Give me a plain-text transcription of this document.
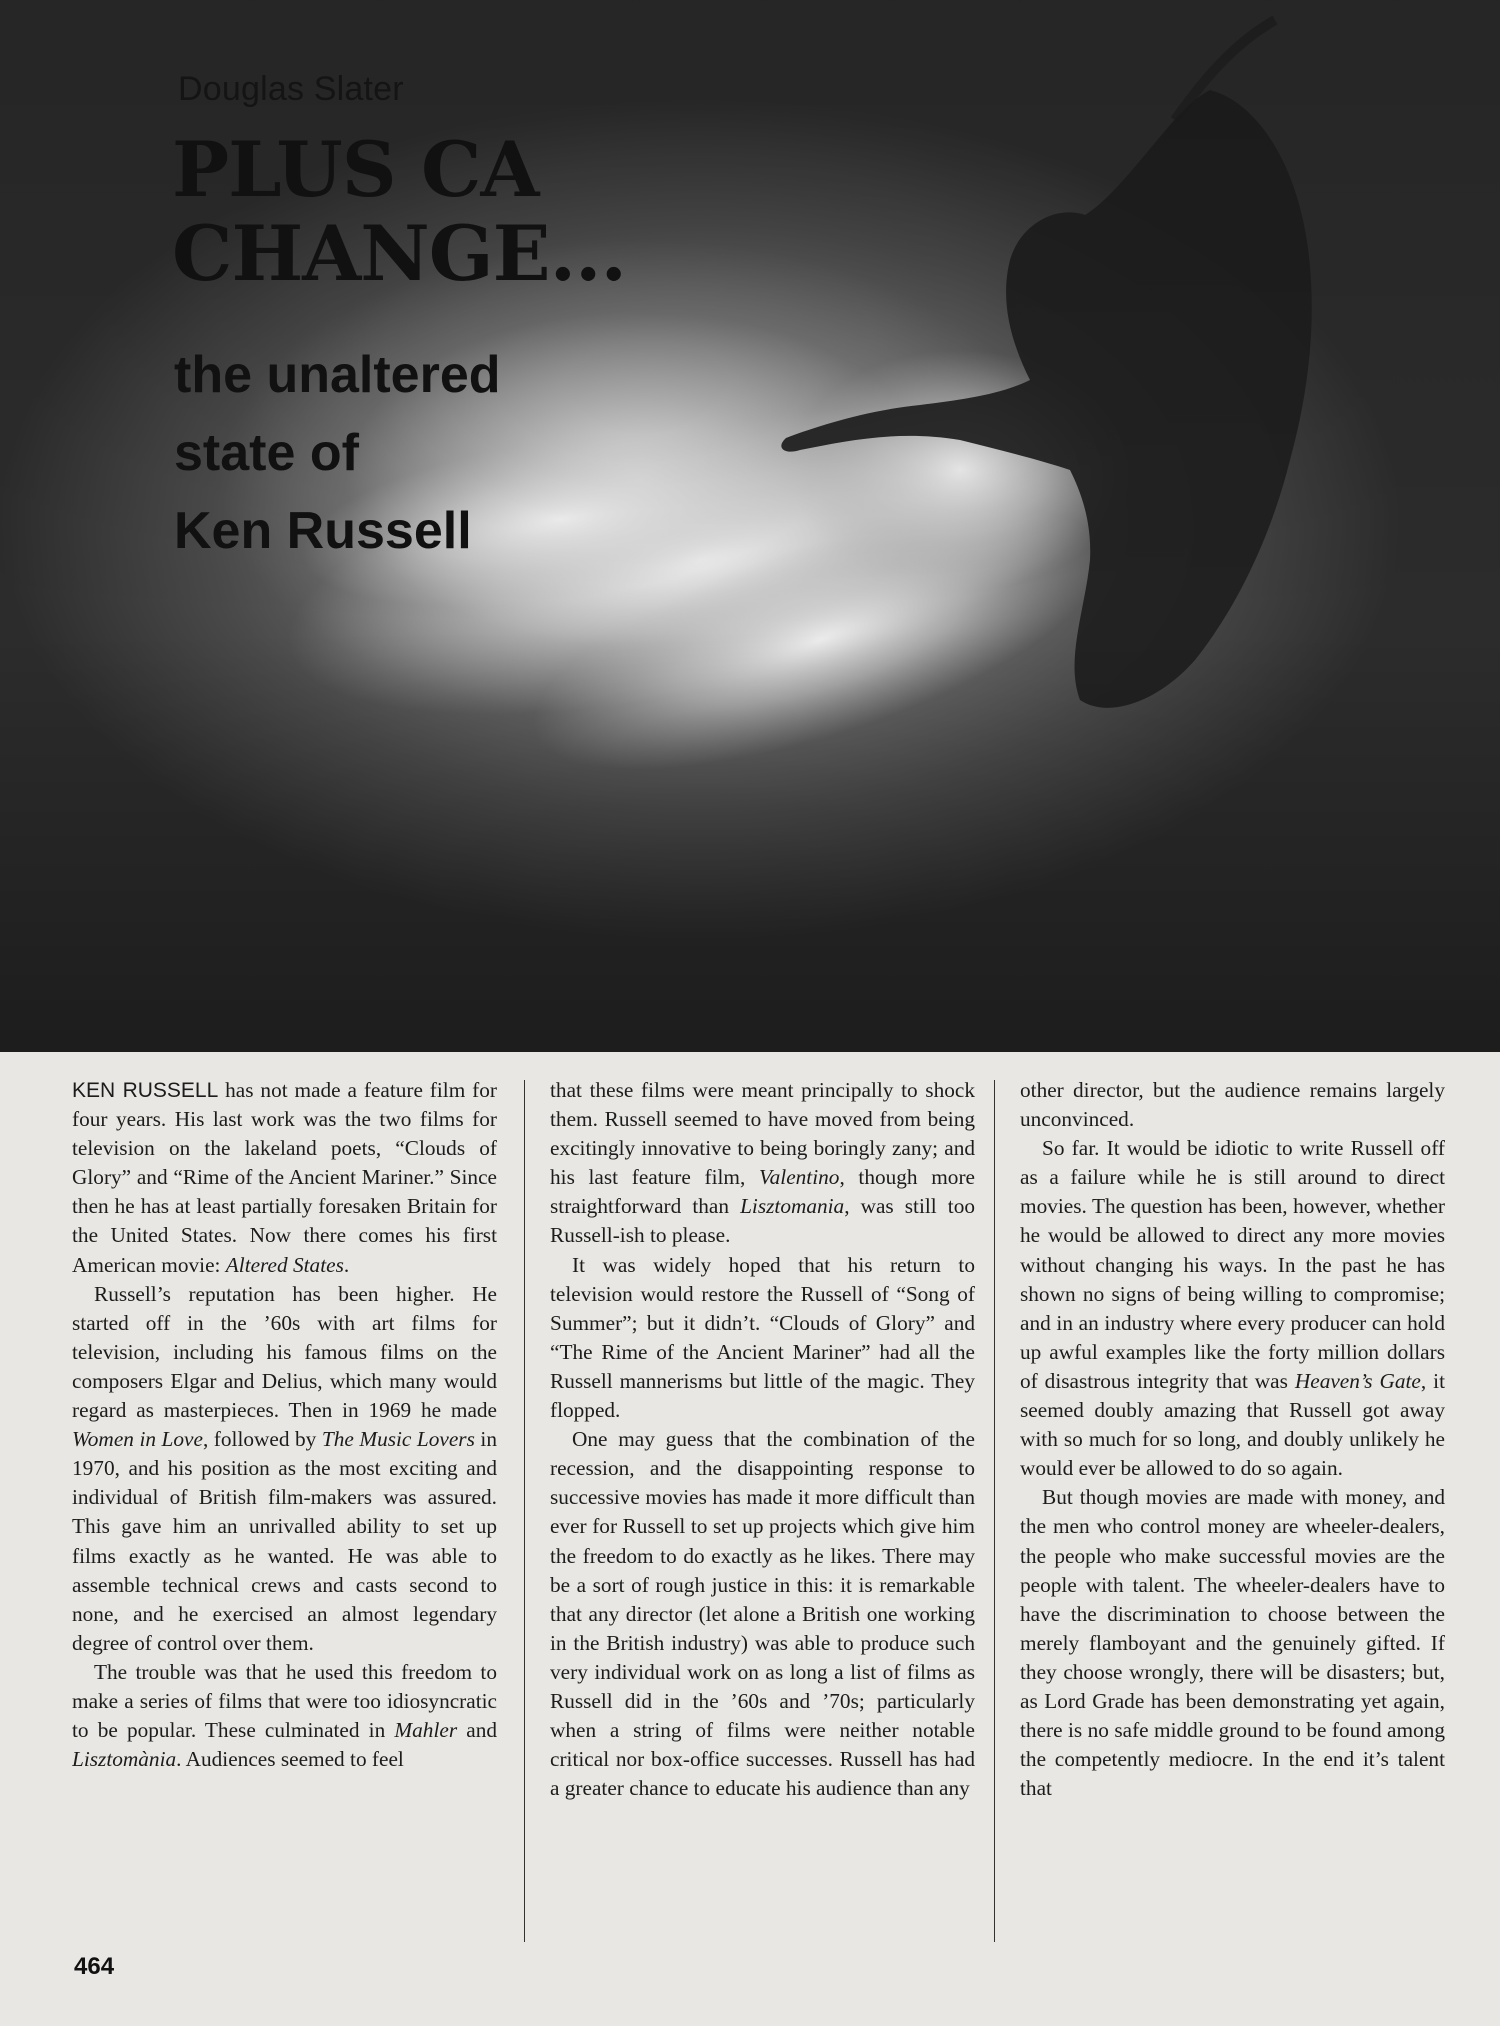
Douglas Slater
PLUS CA
CHANGE...
the unaltered
state of
Ken Russell

KEN RUSSELL has not made a feature film for four years. His last work was the two films for television on the lakeland poets, “Clouds of Glory” and “Rime of the Ancient Mariner.” Since then he has at least partially foresaken Britain for the United States. Now there comes his first American movie: Altered States.

Russell’s reputation has been higher. He started off in the ’60s with art films for television, including his famous films on the composers Elgar and Delius, which many would regard as masterpieces. Then in 1969 he made Women in Love, followed by The Music Lovers in 1970, and his position as the most exciting and individual of British film-makers was assured. This gave him an unrivalled ability to set up films exactly as he wanted. He was able to assemble technical crews and casts second to none, and he exercised an almost legendary degree of control over them.

The trouble was that he used this freedom to make a series of films that were too idiosyncratic to be popular. These culminated in Mahler and Lisztomània. Audiences seemed to feel

that these films were meant principally to shock them. Russell seemed to have moved from being excitingly innovative to being boringly zany; and his last feature film, Valentino, though more straightforward than Lisztomania, was still too Russell-ish to please.

It was widely hoped that his return to television would restore the Russell of “Song of Summer”; but it didn’t. “Clouds of Glory” and “The Rime of the Ancient Mariner” had all the Russell mannerisms but little of the magic. They flopped.

One may guess that the combination of the recession, and the disappointing response to successive movies has made it more difficult than ever for Russell to set up projects which give him the freedom to do exactly as he likes. There may be a sort of rough justice in this: it is remarkable that any director (let alone a British one working in the British industry) was able to produce such very individual work on as long a list of films as Russell did in the ’60s and ’70s; particularly when a string of films were neither notable critical nor box-office successes. Russell has had a greater chance to educate his audience than any

other director, but the audience remains largely unconvinced.

So far. It would be idiotic to write Russell off as a failure while he is still around to direct movies. The question has been, however, whether he would be allowed to direct any more movies without changing his ways. In the past he has shown no signs of being willing to compromise; and in an industry where every producer can hold up awful examples like the forty million dollars of disastrous integrity that was Heaven’s Gate, it seemed doubly amazing that Russell got away with so much for so long, and doubly unlikely he would ever be allowed to do so again.

But though movies are made with money, and the men who control money are wheeler-dealers, the people who make successful movies are the people with talent. The wheeler-dealers have to have the discrimination to choose between the merely flamboyant and the genuinely gifted. If they choose wrongly, there will be disasters; but, as Lord Grade has been demonstrating yet again, there is no safe middle ground to be found among the competently mediocre. In the end it’s talent that

464
